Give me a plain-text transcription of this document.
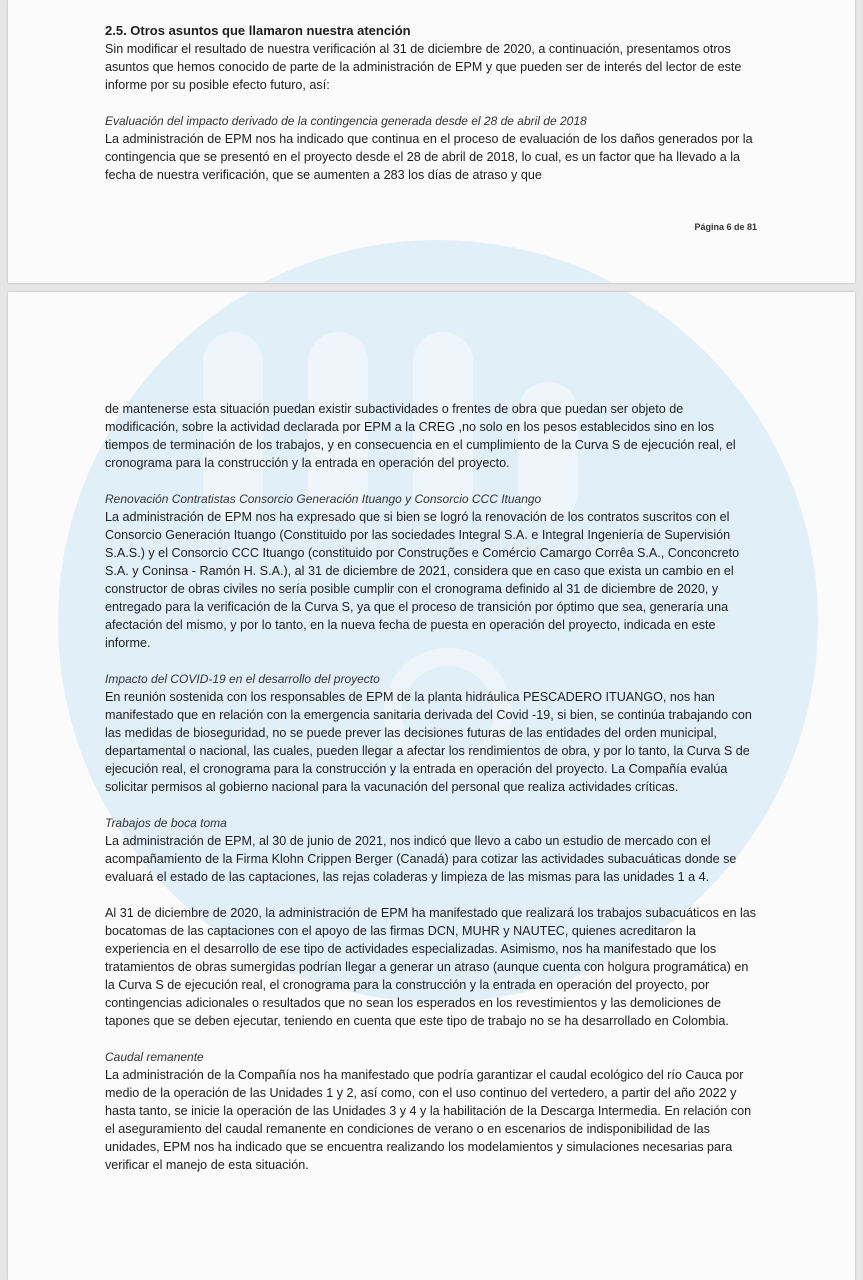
2.5. Otros asuntos que llamaron nuestra atención

Sin modificar el resultado de nuestra verificación al 31 de diciembre de 2020, a continuación, presentamos otros asuntos que hemos conocido de parte de la administración de EPM y que pueden ser de interés del lector de este informe por su posible efecto futuro, así:

Evaluación del impacto derivado de la contingencia generada desde el 28 de abril de 2018

La administración de EPM nos ha indicado que continua en el proceso de evaluación de los daños generados por la contingencia que se presentó en el proyecto desde el 28 de abril de 2018, lo cual, es un factor que ha llevado a la fecha de nuestra verificación, que se aumenten a 283 los días de atraso y que

Página 6 de 81

de mantenerse esta situación puedan existir subactividades o frentes de obra que puedan ser objeto de modificación, sobre la actividad declarada por EPM a la CREG ,no solo en los pesos establecidos sino en los tiempos de terminación de los trabajos, y en consecuencia en el cumplimiento de la Curva S de ejecución real, el cronograma para la construcción y la entrada en operación del proyecto.

Renovación Contratistas Consorcio Generación Ituango y Consorcio CCC Ituango

La administración de EPM nos ha expresado que si bien se logró la renovación de los contratos suscritos con el Consorcio Generación Ituango (Constituido por las sociedades Integral S.A. e Integral Ingeniería de Supervisión S.A.S.) y el Consorcio CCC Ituango (constituido por Construções e Comércio Camargo Corrêa S.A., Conconcreto S.A. y Coninsa - Ramón H. S.A.), al 31 de diciembre de 2021, considera que en caso que exista un cambio en el constructor de obras civiles no sería posible cumplir con el cronograma definido al 31 de diciembre de 2020, y entregado para la verificación de la Curva S, ya que el proceso de transición por óptimo que sea, generaría una afectación del mismo, y por lo tanto, en la nueva fecha de puesta en operación del proyecto, indicada en este informe.

Impacto del COVID-19 en el desarrollo del proyecto

En reunión sostenida con los responsables de EPM de la planta hidráulica PESCADERO ITUANGO, nos han manifestado que en relación con la emergencia sanitaria derivada del Covid -19, si bien, se continúa trabajando con las medidas de bioseguridad, no se puede prever las decisiones futuras de las entidades del orden municipal, departamental o nacional, las cuales, pueden llegar a afectar los rendimientos de obra, y por lo tanto, la Curva S de ejecución real, el cronograma para la construcción y la entrada en operación del proyecto. La Compañía evalúa solicitar permisos al gobierno nacional para la vacunación del personal que realiza actividades críticas.

Trabajos de boca toma

La administración de EPM, al 30 de junio de 2021, nos indicó que llevo a cabo un estudio de mercado con el acompañamiento de la Firma Klohn Crippen Berger (Canadá) para cotizar las actividades subacuáticas donde se evaluará el estado de las captaciones, las rejas coladeras y limpieza de las mismas para las unidades 1 a 4.

Al 31 de diciembre de 2020, la administración de EPM ha manifestado que realizará los trabajos subacuáticos en las bocatomas de las captaciones con el apoyo de las firmas DCN, MUHR y NAUTEC, quienes acreditaron la experiencia en el desarrollo de ese tipo de actividades especializadas. Asimismo, nos ha manifestado que los tratamientos de obras sumergidas podrían llegar a generar un atraso (aunque cuenta con holgura programática) en la Curva S de ejecución real, el cronograma para la construcción y la entrada en operación del proyecto, por contingencias adicionales o resultados que no sean los esperados en los revestimientos y las demoliciones de tapones que se deben ejecutar, teniendo en cuenta que este tipo de trabajo no se ha desarrollado en Colombia.

Caudal remanente

La administración de la Compañía nos ha manifestado que podría garantizar el caudal ecológico del río Cauca por medio de la operación de las Unidades 1 y 2, así como, con el uso continuo del vertedero, a partir del año 2022 y hasta tanto, se inicie la operación de las Unidades 3 y 4 y la habilitación de la Descarga Intermedia. En relación con el aseguramiento del caudal remanente en condiciones de verano o en escenarios de indisponibilidad de las unidades, EPM nos ha indicado que se encuentra realizando los modelamientos y simulaciones necesarias para verificar el manejo de esta situación.
